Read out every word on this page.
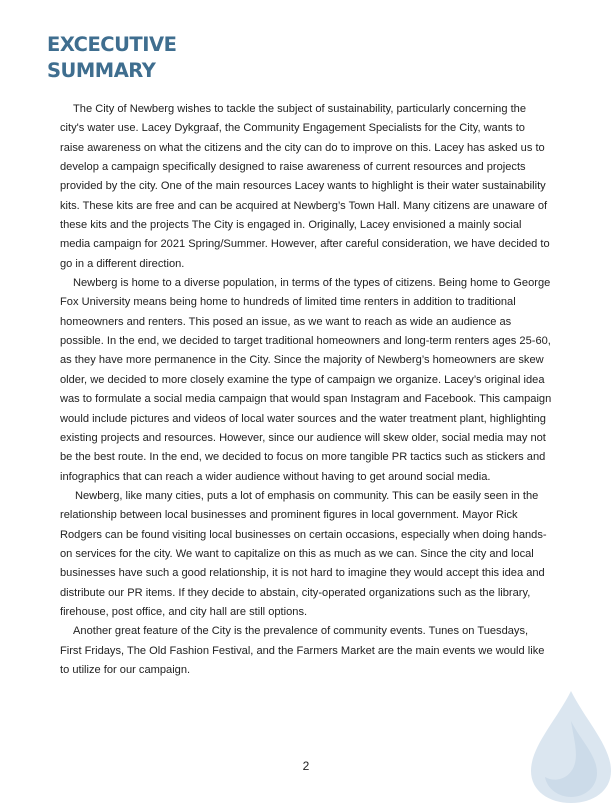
EXCECUTIVE
SUMMARY

The City of Newberg wishes to tackle the subject of sustainability, particularly concerning the city's water use. Lacey Dykgraaf, the Community Engagement Specialists for the City, wants to raise awareness on what the citizens and the city can do to improve on this. Lacey has asked us to develop a campaign specifically designed to raise awareness of current resources and projects provided by the city. One of the main resources Lacey wants to highlight is their water sustainability kits. These kits are free and can be acquired at Newberg’s Town Hall. Many citizens are unaware of these kits and the projects The City is engaged in. Originally, Lacey envisioned a mainly social media campaign for 2021 Spring/Summer. However, after careful consideration, we have decided to go in a different direction.

Newberg is home to a diverse population, in terms of the types of citizens. Being home to George Fox University means being home to hundreds of limited time renters in addition to traditional homeowners and renters. This posed an issue, as we want to reach as wide an audience as possible. In the end, we decided to target traditional homeowners and long-term renters ages 25-60, as they have more permanence in the City. Since the majority of Newberg’s homeowners are skew older, we decided to more closely examine the type of campaign we organize. Lacey’s original idea was to formulate a social media campaign that would span Instagram and Facebook. This campaign would include pictures and videos of local water sources and the water treatment plant, highlighting existing projects and resources. However, since our audience will skew older, social media may not be the best route. In the end, we decided to focus on more tangible PR tactics such as stickers and infographics that can reach a wider audience without having to get around social media.

Newberg, like many cities, puts a lot of emphasis on community. This can be easily seen in the relationship between local businesses and prominent figures in local government. Mayor Rick Rodgers can be found visiting local businesses on certain occasions, especially when doing hands-on services for the city. We want to capitalize on this as much as we can. Since the city and local businesses have such a good relationship, it is not hard to imagine they would accept this idea and distribute our PR items. If they decide to abstain, city-operated organizations such as the library, firehouse, post office, and city hall are still options.

Another great feature of the City is the prevalence of community events. Tunes on Tuesdays, First Fridays, The Old Fashion Festival, and the Farmers Market are the main events we would like to utilize for our campaign.

2
